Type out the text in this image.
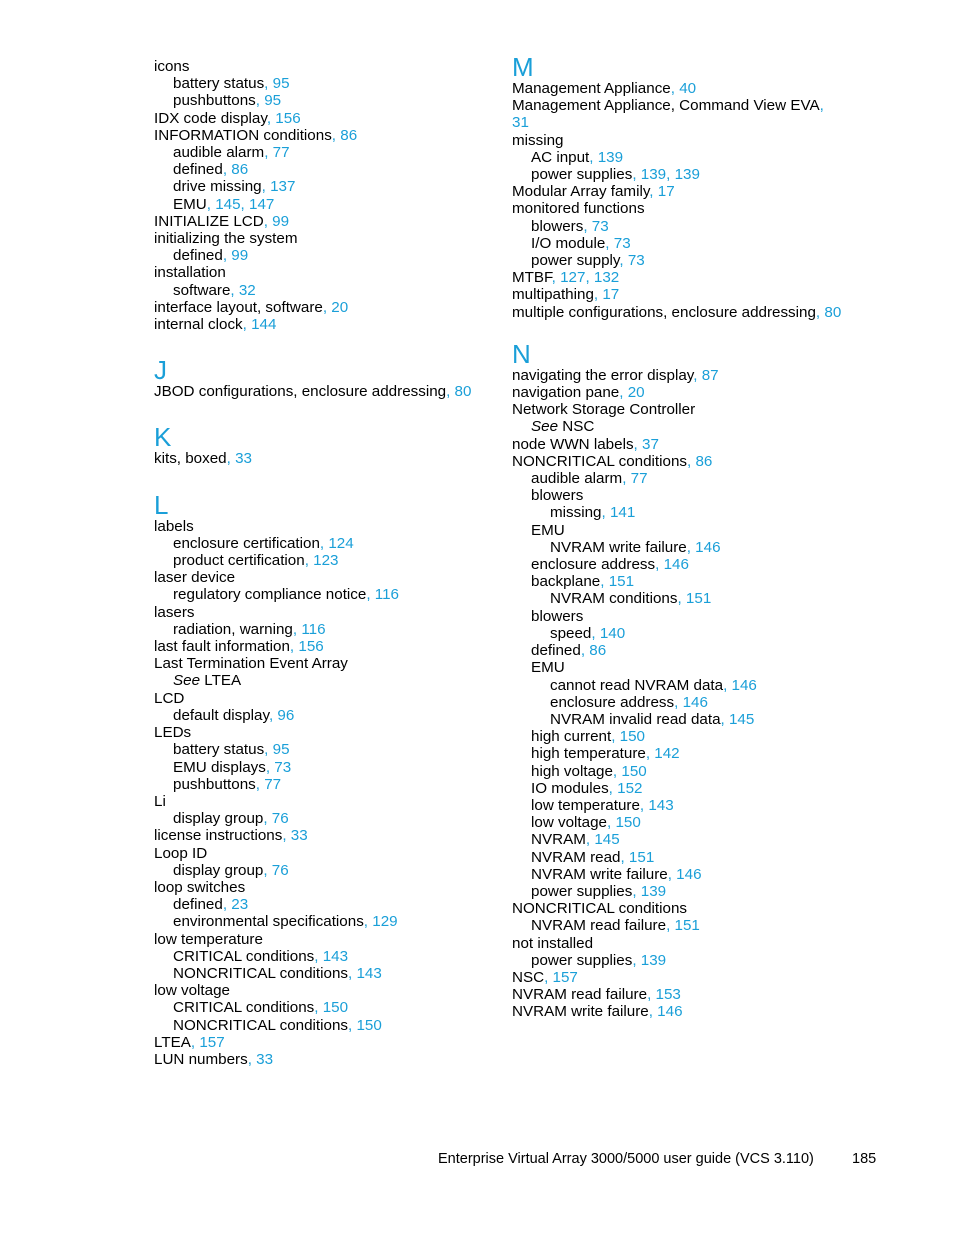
icons
battery status, 95
pushbuttons, 95
IDX code display, 156
INFORMATION conditions, 86
audible alarm, 77
defined, 86
drive missing, 137
EMU, 145, 147
INITIALIZE LCD, 99
initializing the system
defined, 99
installation
software, 32
interface layout, software, 20
internal clock, 144
J
JBOD configurations, enclosure addressing, 80
K
kits, boxed, 33
L
labels
enclosure certification, 124
product certification, 123
laser device
regulatory compliance notice, 116
lasers
radiation, warning, 116
last fault information, 156
Last Termination Event Array
See LTEA
LCD
default display, 96
LEDs
battery status, 95
EMU displays, 73
pushbuttons, 77
Li
display group, 76
license instructions, 33
Loop ID
display group, 76
loop switches
defined, 23
environmental specifications, 129
low temperature
CRITICAL conditions, 143
NONCRITICAL conditions, 143
low voltage
CRITICAL conditions, 150
NONCRITICAL conditions, 150
LTEA, 157
LUN numbers, 33
M
Management Appliance, 40
Management Appliance, Command View EVA, 31
missing
AC input, 139
power supplies, 139, 139
Modular Array family, 17
monitored functions
blowers, 73
I/O module, 73
power supply, 73
MTBF, 127, 132
multipathing, 17
multiple configurations, enclosure addressing, 80
N
navigating the error display, 87
navigation pane, 20
Network Storage Controller
See NSC
node WWN labels, 37
NONCRITICAL conditions, 86
audible alarm, 77
blowers
missing, 141
EMU
NVRAM write failure, 146
enclosure address, 146
backplane, 151
NVRAM conditions, 151
blowers
speed, 140
defined, 86
EMU
cannot read NVRAM data, 146
enclosure address, 146
NVRAM invalid read data, 145
high current, 150
high temperature, 142
high voltage, 150
IO modules, 152
low temperature, 143
low voltage, 150
NVRAM, 145
NVRAM read, 151
NVRAM write failure, 146
power supplies, 139
NONCRITICAL conditions
NVRAM read failure, 151
not installed
power supplies, 139
NSC, 157
NVRAM read failure, 153
NVRAM write failure, 146
Enterprise Virtual Array 3000/5000 user guide (VCS 3.110)	185
